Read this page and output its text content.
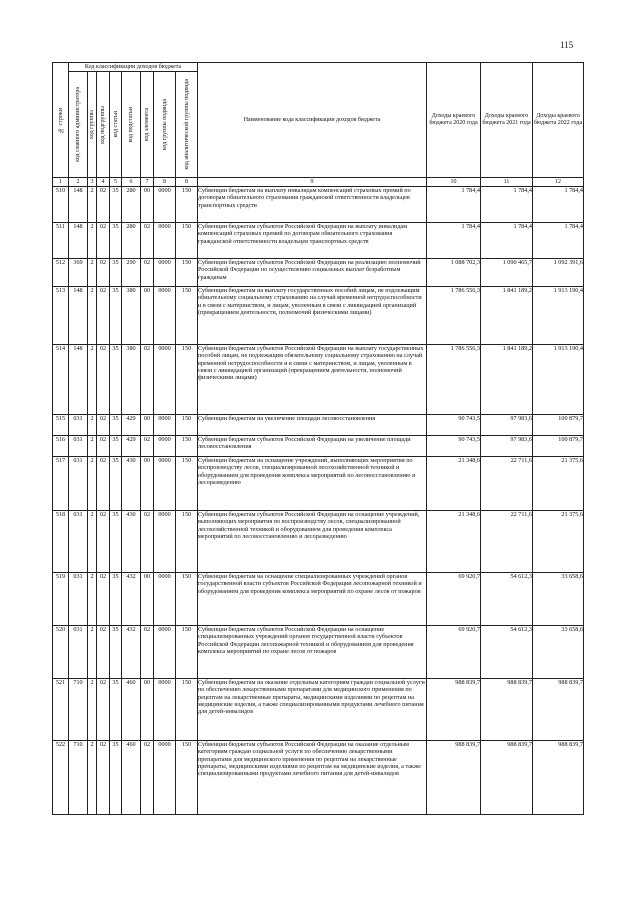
115
№ строки	Код классификации доходов бюджета								Наименование кода классификации доходов бюджета	Доходы краевого бюджета 2020 года	Доходы краевого бюджета 2021 года	Доходы краевого бюджета 2022 года

	код главного администратора	код группы	код подгруппы	код статьи	код подстатьи	код элемента	код группы подвида	код аналитической группы подвида				

1	2	3	4	5	6	7	8	8	9	10	11	12
510	148	2	02	35	280	00	0000	150	Субвенции бюджетам на выплату инвалидам компенсаций страховых премий по договорам обязательного страхования гражданской ответственности владельцев транспортных средств	1 784,4	1 784,4	1 784,4
511	148	2	02	35	280	02	0000	150	Субвенции бюджетам субъектов Российской Федерации на выплату инвалидам компенсаций страховых премий по договорам обязательного страхования гражданской ответственности владельцев транспортных средств	1 784,4	1 784,4	1 784,4
512	369	2	02	35	290	02	0000	150	Субвенции бюджетам субъектов Российской Федерации на реализацию полномочий Российской Федерации по осуществлению социальных выплат безработным гражданам	1 088 702,3	1 090 465,7	1 092 391,6
513	148	2	02	35	380	00	0000	150	Субвенции бюджетам на выплату государственных пособий лицам, не подлежащим обязательному социальному страхованию на случай временной нетрудоспособности и в связи с материнством, и лицам, уволенным в связи с ликвидацией организаций (прекращением деятельности, полномочий физическими лицами)	1 786 556,3	1 841 189,2	1 913 190,4
514	148	2	02	35	380	02	0000	150	Субвенции бюджетам субъектов Российской Федерации на выплату государственных пособий лицам, не подлежащим обязательному социальному страхованию на случай временной нетрудоспособности и в связи с материнством, и лицам, уволенным в связи с ликвидацией организаций (прекращением деятельности, полномочий физическими лицами)	1 786 556,3	1 841 189,2	1 913 190,4
515	031	2	02	35	429	00	0000	150	Субвенции бюджетам на увеличение площади лесовосстановления	90 743,5	97 983,6	100 879,7
516	031	2	02	35	429	02	0000	150	Субвенции бюджетам субъектов Российской Федерации на увеличение площади лесовосстановления	90 743,5	97 983,6	100 879,7
517	031	2	02	35	430	00	0000	150	Субвенции бюджетам на оснащение учреждений, выполняющих мероприятия по воспроизводству лесов, специализированной лесохозяйственной техникой и оборудованием для проведения комплекса мероприятий по лесовосстановлению и лесоразведению	21 348,6	22 711,6	21 375,6
518	031	2	02	35	430	02	0000	150	Субвенции бюджетам субъектов Российской Федерации на оснащение учреждений, выполняющих мероприятия по воспроизводству лесов, специализированной лесохозяйственной техникой и оборудованием для проведения комплекса мероприятий по лесовосстановлению и лесоразведению	21 348,6	22 711,6	21 375,6
519	031	2	02	35	432	00	0000	150	Субвенции бюджетам на оснащение специализированных учреждений органов государственной власти субъектов Российской Федерации лесопожарной техникой и оборудованием для проведения комплекса мероприятий по охране лесов от пожаров	69 920,7	54 612,3	33 658,6
520	031	2	02	35	432	02	0000	150	Субвенции бюджетам субъектов Российской Федерации на оснащение специализированных учреждений органов государственной власти субъектов Российской Федерации лесопожарной техникой и оборудованием для проведения комплекса мероприятий по охране лесов от пожаров	69 920,7	54 612,3	33 658,6
521	710	2	02	35	460	00	0000	150	Субвенции бюджетам на оказание отдельным категориям граждан социальной услуги по обеспечению лекарственными препаратами для медицинского применения по рецептам на лекарственные препараты, медицинскими изделиями по рецептам на медицинские изделия, а также специализированными продуктами лечебного питания для детей-инвалидов	988 839,7	988 839,7	988 839,7
522	710	2	02	35	460	02	0000	150	Субвенции бюджетам субъектов Российской Федерации на оказание отдельным категориям граждан социальной услуги по обеспечению лекарственными препаратами для медицинского применения по рецептам на лекарственные препараты, медицинскими изделиями по рецептам на медицинские изделия, а также специализированными продуктами лечебного питания для детей-инвалидов	988 839,7	988 839,7	988 839,7
